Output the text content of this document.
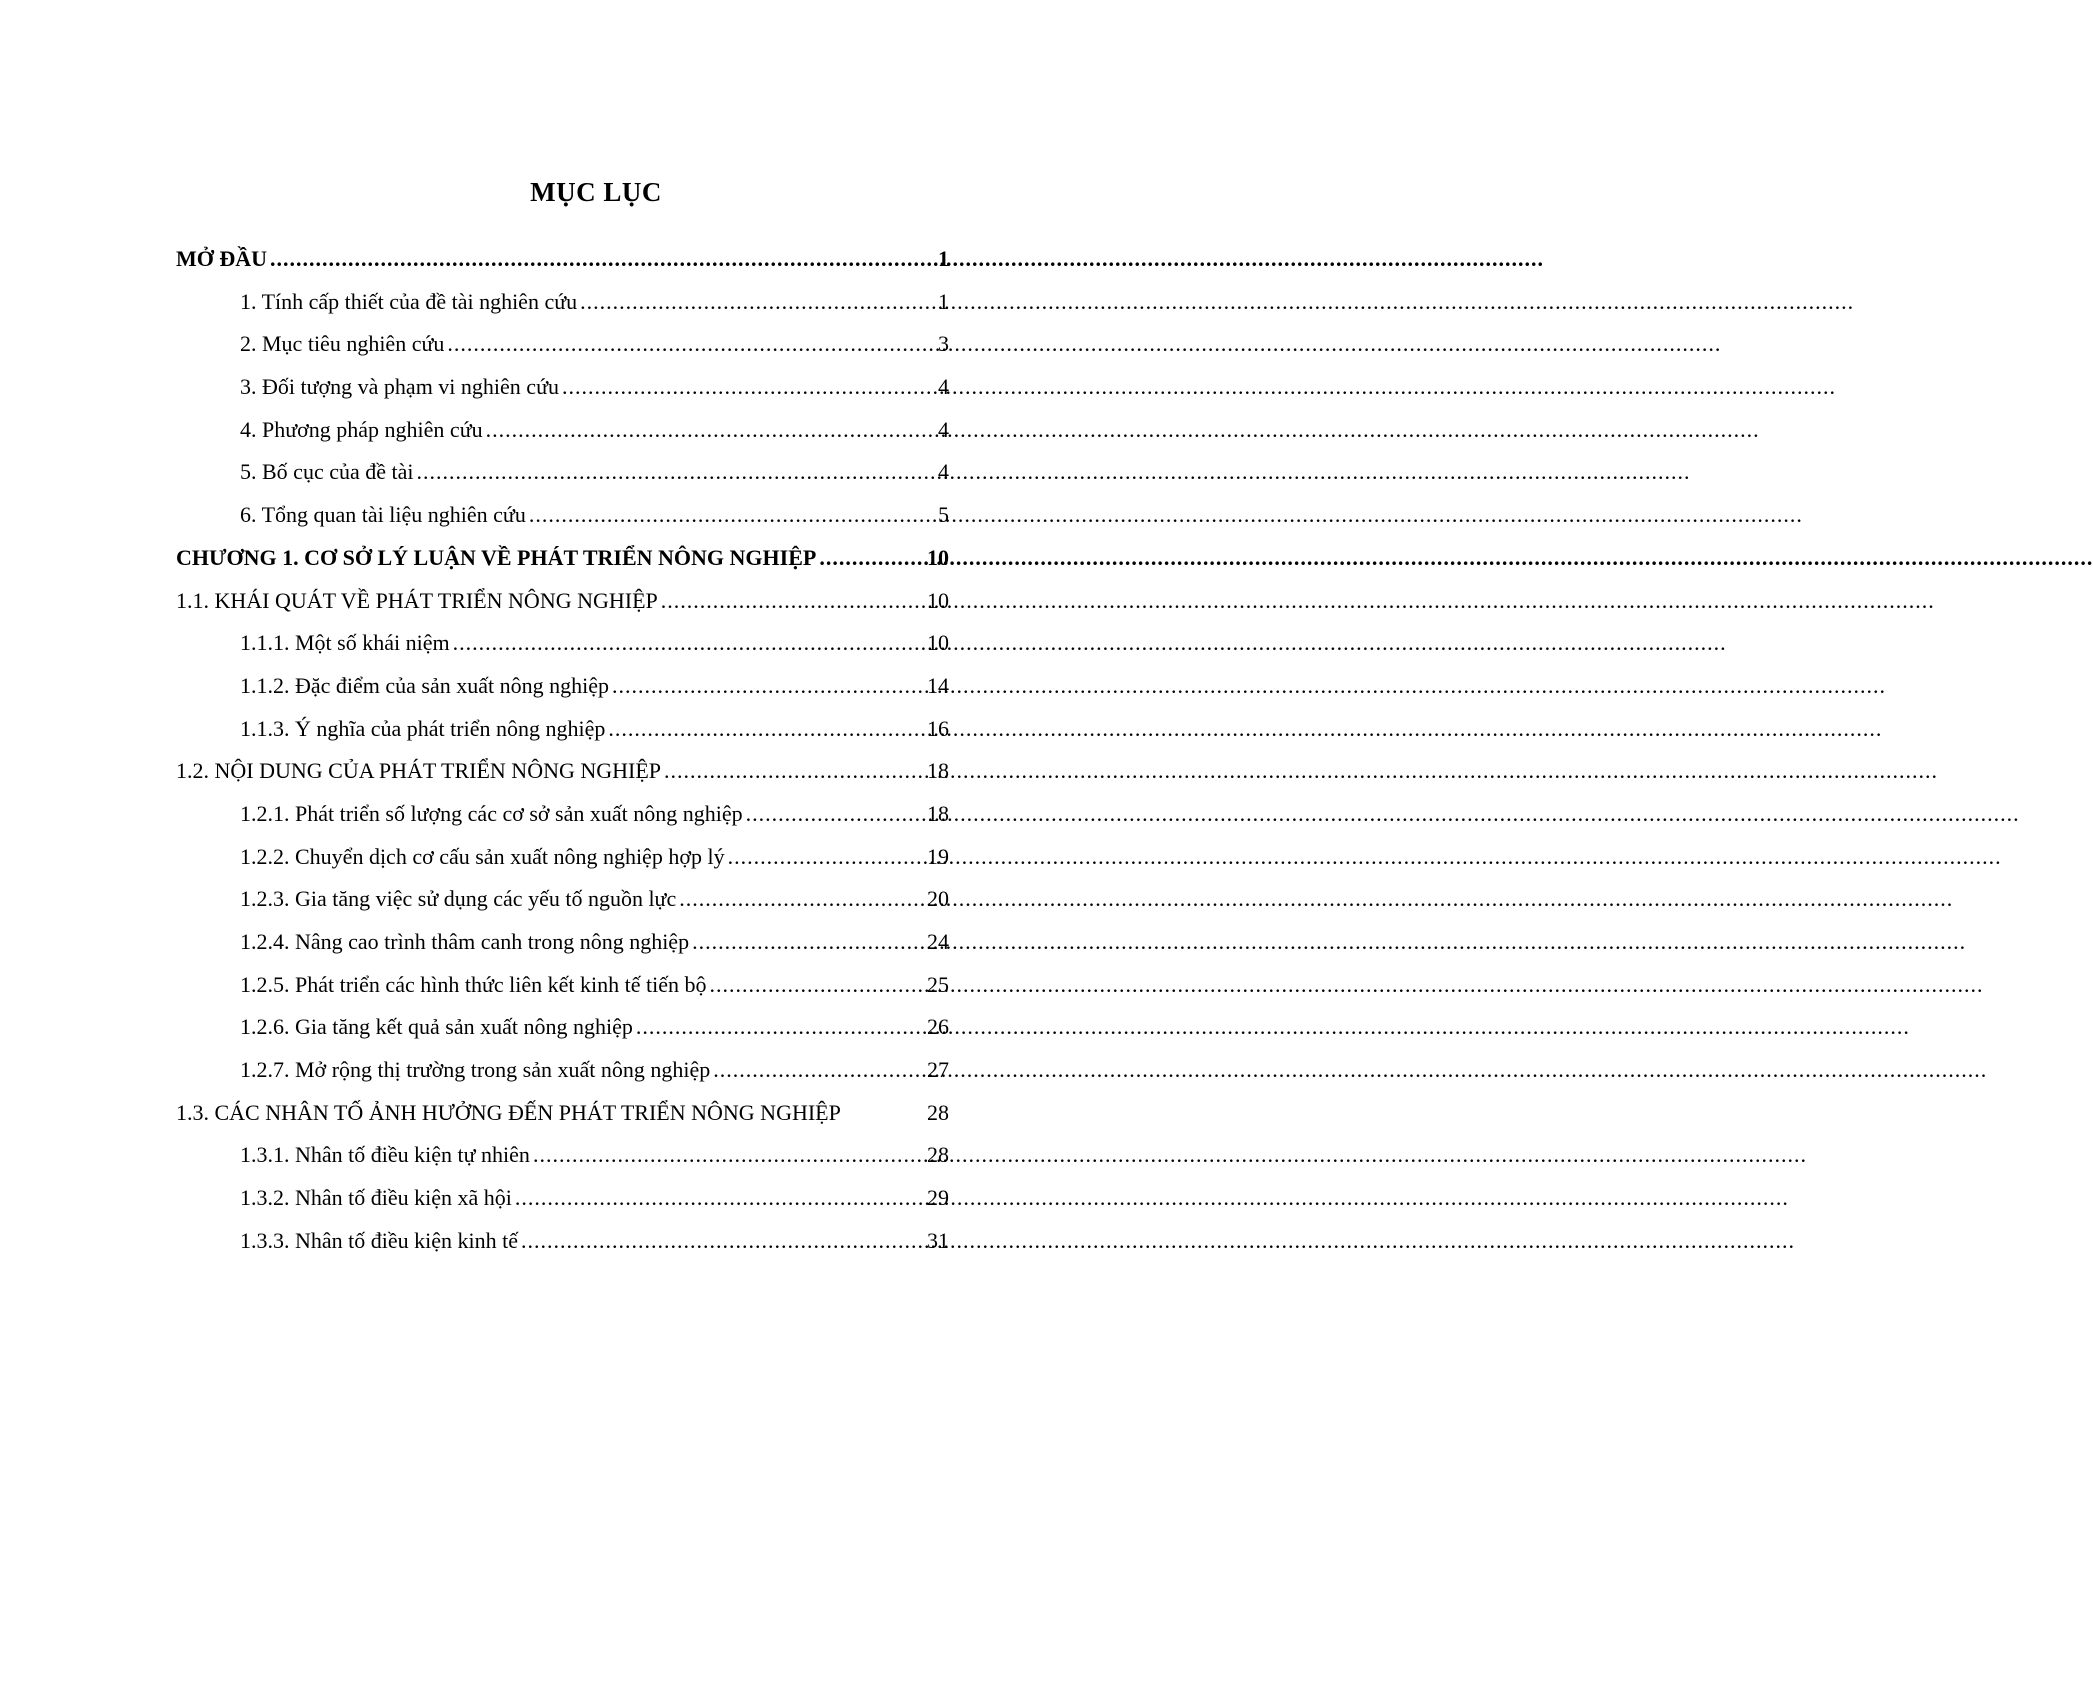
MỤC LỤC
MỞ ĐẦU .....	1
1. Tính cấp thiết của đề tài nghiên cứu .....	1
2. Mục tiêu nghiên cứu .....	3
3. Đối tượng và phạm vi nghiên cứu .....	4
4. Phương pháp nghiên cứu .....	4
5. Bố cục của đề tài .....	4
6. Tổng quan tài liệu nghiên cứu .....	5
CHƯƠNG 1. CƠ SỞ LÝ LUẬN VỀ PHÁT TRIỂN NÔNG NGHIỆP .....	10
1.1. KHÁI QUÁT VỀ PHÁT TRIỂN NÔNG NGHIỆP .....	10
1.1.1. Một số khái niệm .....	10
1.1.2. Đặc điểm của sản xuất nông nghiệp .....	14
1.1.3. Ý nghĩa của phát triển nông nghiệp .....	16
1.2. NỘI DUNG CỦA PHÁT TRIỂN NÔNG NGHIỆP .....	18
1.2.1. Phát triển số lượng các cơ sở sản xuất nông nghiệp .....	18
1.2.2. Chuyển dịch cơ cấu sản xuất nông nghiệp hợp lý .....	19
1.2.3. Gia tăng việc sử dụng các yếu tố nguồn lực .....	20
1.2.4. Nâng cao trình thâm canh trong nông nghiệp .....	24
1.2.5. Phát triển các hình thức liên kết kinh tế tiến bộ .....	25
1.2.6. Gia tăng kết quả sản xuất nông nghiệp .....	26
1.2.7. Mở rộng thị trường trong sản xuất nông nghiệp .....	27
1.3. CÁC NHÂN TỐ ẢNH HƯỞNG ĐẾN PHÁT TRIỂN NÔNG NGHIỆP	28
1.3.1. Nhân tố điều kiện tự nhiên .....	28
1.3.2. Nhân tố điều kiện xã hội .....	29
1.3.3. Nhân tố điều kiện kinh tế .....	31
